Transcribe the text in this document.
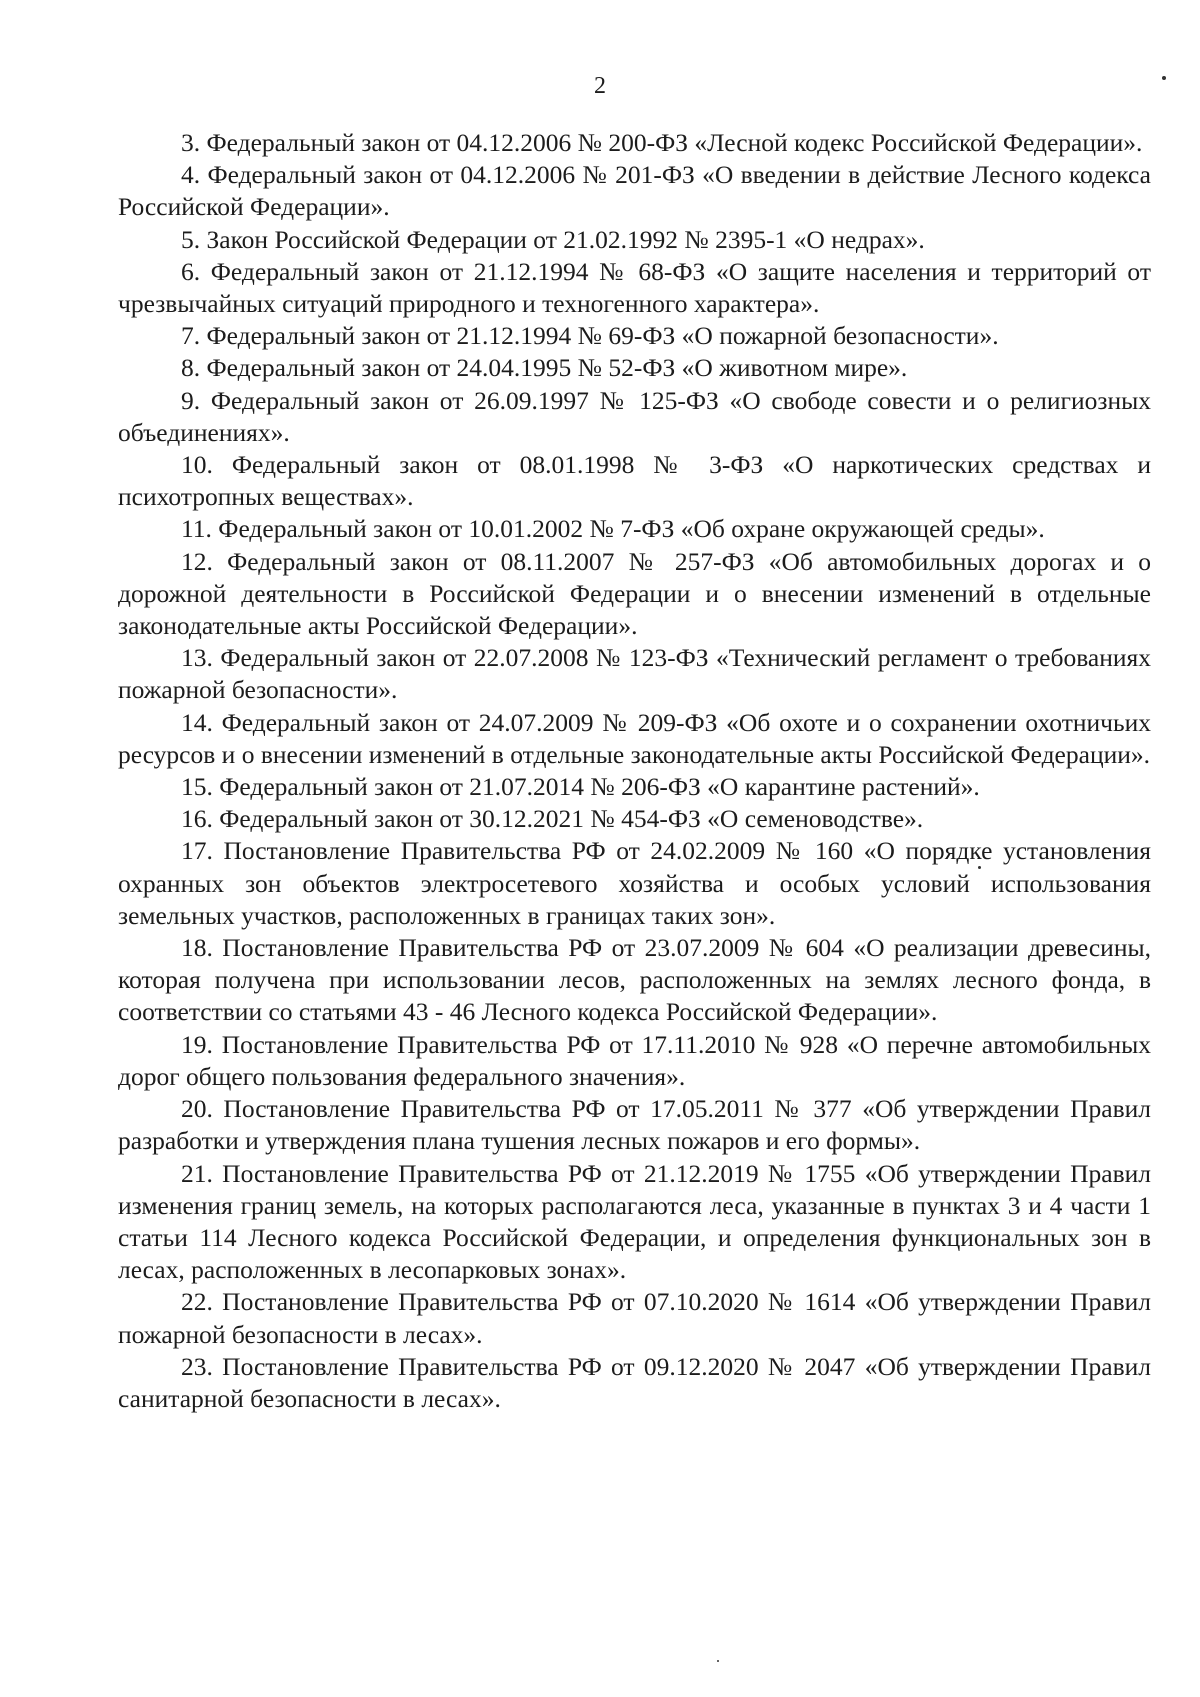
2

3. Федеральный закон от 04.12.2006 № 200-ФЗ «Лесной кодекс Российской Федерации».

4. Федеральный закон от 04.12.2006 № 201-ФЗ «О введении в действие Лесного кодекса Российской Федерации».

5. Закон Российской Федерации от 21.02.1992 № 2395-1 «О недрах».

6. Федеральный закон от 21.12.1994 № 68-ФЗ «О защите населения и территорий от чрезвычайных ситуаций природного и техногенного характера».

7. Федеральный закон от 21.12.1994 № 69-ФЗ «О пожарной безопасности».

8. Федеральный закон от 24.04.1995 № 52-ФЗ «О животном мире».

9. Федеральный закон от 26.09.1997 № 125-ФЗ «О свободе совести и о религиозных объединениях».

10. Федеральный закон от 08.01.1998 № 3-ФЗ «О наркотических средствах и психотропных веществах».

11. Федеральный закон от 10.01.2002 № 7-ФЗ «Об охране окружающей среды».

12. Федеральный закон от 08.11.2007 № 257-ФЗ «Об автомобильных дорогах и о дорожной деятельности в Российской Федерации и о внесении изменений в отдельные законодательные акты Российской Федерации».

13. Федеральный закон от 22.07.2008 № 123-ФЗ «Технический регламент о требованиях пожарной безопасности».

14. Федеральный закон от 24.07.2009 № 209-ФЗ «Об охоте и о сохранении охотничьих ресурсов и о внесении изменений в отдельные законодательные акты Российской Федерации».

15. Федеральный закон от 21.07.2014 № 206-ФЗ «О карантине растений».

16. Федеральный закон от 30.12.2021 № 454-ФЗ «О семеноводстве».

17. Постановление Правительства РФ от 24.02.2009 № 160 «О порядке установления охранных зон объектов электросетевого хозяйства и особых условий использования земельных участков, расположенных в границах таких зон».

18. Постановление Правительства РФ от 23.07.2009 № 604 «О реализации древесины, которая получена при использовании лесов, расположенных на землях лесного фонда, в соответствии со статьями 43 - 46 Лесного кодекса Российской Федерации».

19. Постановление Правительства РФ от 17.11.2010 № 928 «О перечне автомобильных дорог общего пользования федерального значения».

20. Постановление Правительства РФ от 17.05.2011 № 377 «Об утверждении Правил разработки и утверждения плана тушения лесных пожаров и его формы».

21. Постановление Правительства РФ от 21.12.2019 № 1755 «Об утверждении Правил изменения границ земель, на которых располагаются леса, указанные в пунктах 3 и 4 части 1 статьи 114 Лесного кодекса Российской Федерации, и определения функциональных зон в лесах, расположенных в лесопарковых зонах».

22. Постановление Правительства РФ от 07.10.2020 № 1614 «Об утверждении Правил пожарной безопасности в лесах».

23. Постановление Правительства РФ от 09.12.2020 № 2047 «Об утверждении Правил санитарной безопасности в лесах».
